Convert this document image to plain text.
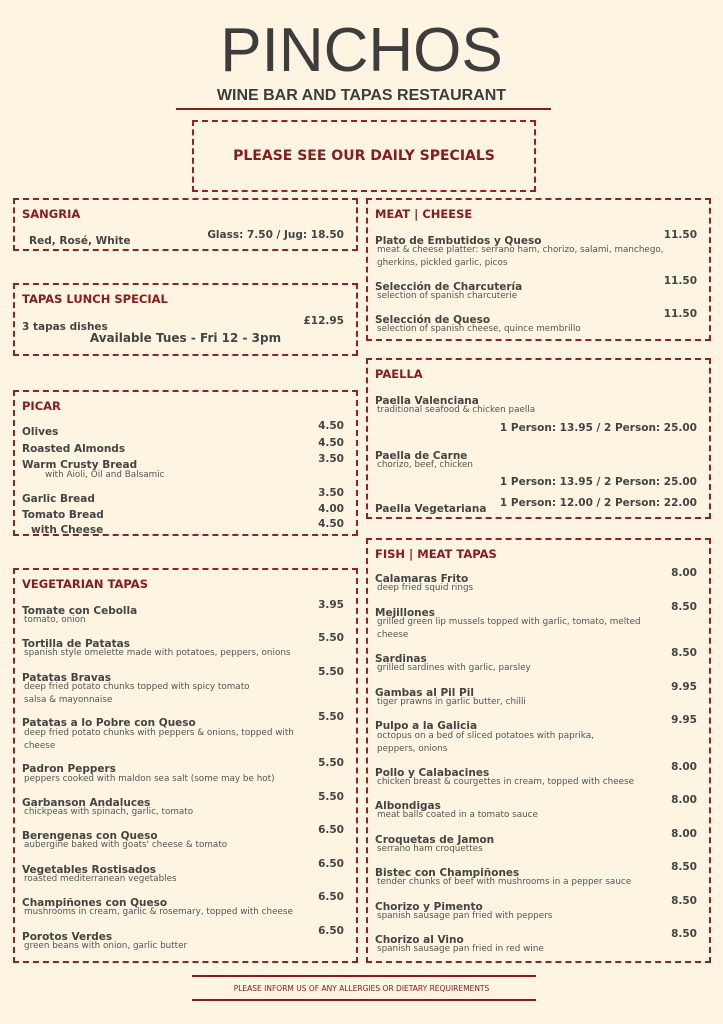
PINCHOS
WINE BAR AND TAPAS RESTAURANT
PLEASE SEE OUR DAILY SPECIALS
SANGRIA
Red, Rosé, White	Glass: 7.50 / Jug: 18.50
TAPAS LUNCH SPECIAL
3 tapas dishes	£12.95
Available Tues - Fri 12 - 3pm
PICAR
Olives	4.50
Roasted Almonds	4.50
Warm Crusty Bread	3.50
with Aioli, Oil and Balsamic
Garlic Bread	3.50
Tomato Bread	4.00
with Cheese	4.50
VEGETARIAN TAPAS
Tomate con Cebolla	3.95
tomato, onion
Tortilla de Patatas	5.50
spanish style omelette made with potatoes, peppers, onions
Patatas Bravas	5.50
deep fried potato chunks topped with spicy tomato
salsa & mayonnaise
Patatas a lo Pobre con Queso	5.50
deep fried potato chunks with peppers & onions, topped with
cheese
Padron Peppers	5.50
peppers cooked with maldon sea salt (some may be hot)
Garbanson Andaluces	5.50
chickpeas with spinach, garlic, tomato
Berengenas con Queso	6.50
aubergine baked with goats' cheese & tomato
Vegetables Rostisados	6.50
roasted mediterranean vegetables
Champiñones con Queso	6.50
mushrooms in cream, garlic & rosemary, topped with cheese
Porotos Verdes	6.50
green beans with onion, garlic butter
MEAT | CHEESE
Plato de Embutidos y Queso	11.50
meat & cheese platter: serrano ham, chorizo, salami, manchego,
gherkins, pickled garlic, picos
Selección de Charcutería	11.50
selection of spanish charcuterie
Selección de Queso	11.50
selection of spanish cheese, quince membrillo
PAELLA
Paella Valenciana
traditional seafood & chicken paella
1 Person: 13.95 / 2 Person: 25.00
Paella de Carne
chorizo, beef, chicken
1 Person: 13.95 / 2 Person: 25.00
Paella Vegetariana 1 Person: 12.00 / 2 Person: 22.00
FISH | MEAT TAPAS
Calamaras Frito	8.00
deep fried squid rings
Mejillones	8.50
grilled green lip mussels topped with garlic, tomato, melted
cheese
Sardinas	8.50
grilled sardines with garlic, parsley
Gambas al Pil Pil	9.95
tiger prawns in garlic butter, chilli
Pulpo a la Galicia	9.95
octopus on a bed of sliced potatoes with paprika,
peppers, onions
Pollo y Calabacines	8.00
chicken breast & courgettes in cream, topped with cheese
Albondigas	8.00
meat balls coated in a tomato sauce
Croquetas de Jamon	8.00
serrano ham croquettes
Bistec con Champiñones	8.50
tender chunks of beef with mushrooms in a pepper sauce
Chorizo y Pimento	8.50
spanish sausage pan fried with peppers
Chorizo al Vino	8.50
spanish sausage pan fried in red wine
PLEASE INFORM US OF ANY ALLERGIES OR DIETARY REQUIREMENTS
